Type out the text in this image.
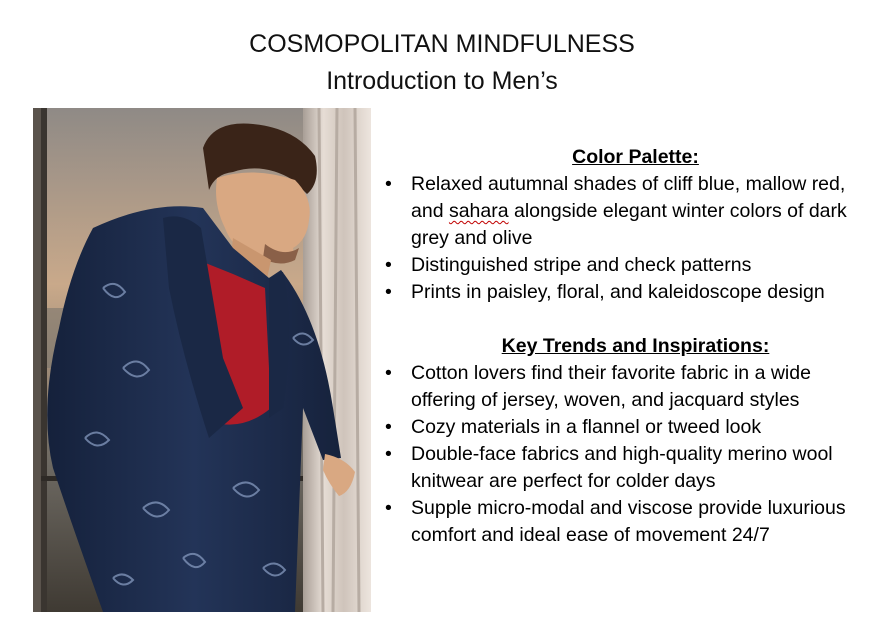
COSMOPOLITAN MINDFULNESS
Introduction to Men’s
Color Palette:
• Relaxed autumnal shades of cliff blue, mallow red, and sahara alongside elegant winter colors of dark grey and olive
• Distinguished stripe and check patterns
• Prints in paisley, floral, and kaleidoscope design
Key Trends and Inspirations:
• Cotton lovers find their favorite fabric in a wide offering of jersey, woven, and jacquard styles
• Cozy materials in a flannel or tweed look
• Double-face fabrics and high-quality merino wool knitwear are perfect for colder days
• Supple micro-modal and viscose provide luxurious comfort and ideal ease of movement 24/7
